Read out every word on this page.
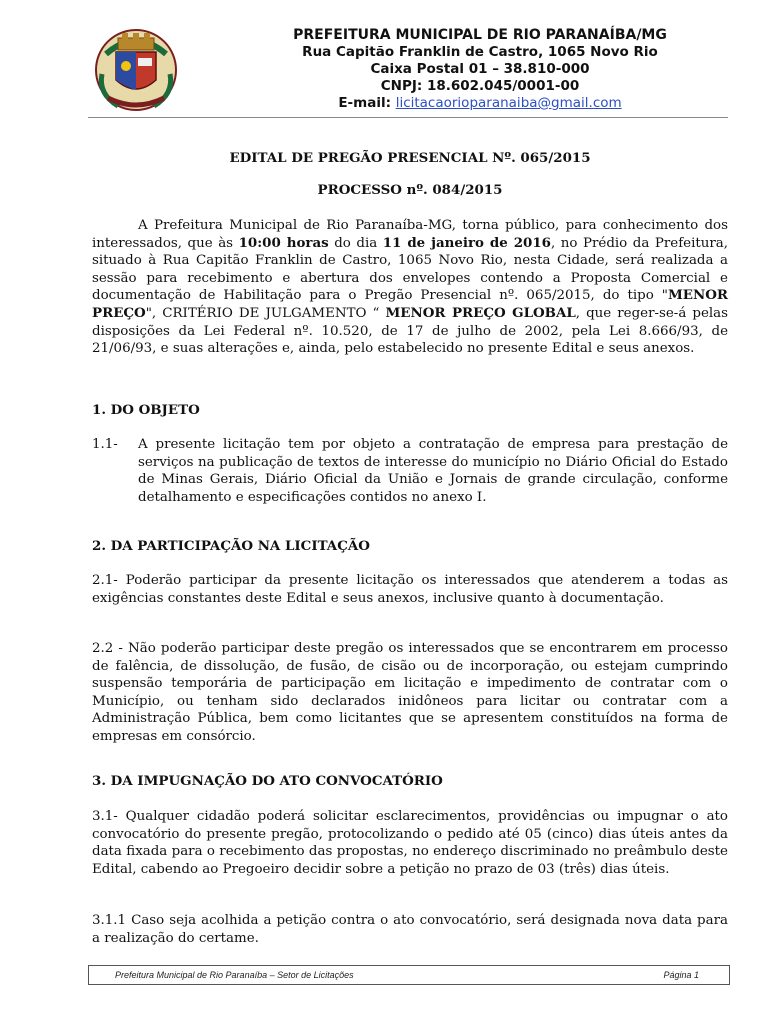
PREFEITURA MUNICIPAL DE RIO PARANAÍBA/MG
Rua Capitão Franklin de Castro, 1065 Novo Rio
Caixa Postal 01 – 38.810-000
CNPJ: 18.602.045/0001-00
E-mail: licitacaorioparanaiba@gmail.com
EDITAL DE PREGÃO PRESENCIAL Nº. 065/2015
PROCESSO nº. 084/2015

A Prefeitura Municipal de Rio Paranaíba-MG, torna público, para conhecimento dos interessados, que às 10:00 horas do dia 11 de janeiro de 2016, no Prédio da Prefeitura, situado à Rua Capitão Franklin de Castro, 1065 Novo Rio, nesta Cidade, será realizada a sessão para recebimento e abertura dos envelopes contendo a Proposta Comercial e documentação de Habilitação para o Pregão Presencial nº. 065/2015, do tipo "MENOR PREÇO", CRITÉRIO DE JULGAMENTO “ MENOR PREÇO GLOBAL, que reger-se-á pelas disposições da Lei Federal nº. 10.520, de 17 de julho de 2002, pela Lei 8.666/93, de 21/06/93, e suas alterações e, ainda, pelo estabelecido no presente Edital e seus anexos.

1. DO OBJETO

1.1- A presente licitação tem por objeto a contratação de empresa para prestação de serviços na publicação de textos de interesse do município no Diário Oficial do Estado de Minas Gerais, Diário Oficial da União e Jornais de grande circulação, conforme detalhamento e especificações contidos no anexo I.

2. DA PARTICIPAÇÃO NA LICITAÇÃO

2.1- Poderão participar da presente licitação os interessados que atenderem a todas as exigências constantes deste Edital e seus anexos, inclusive quanto à documentação.

2.2 - Não poderão participar deste pregão os interessados que se encontrarem em processo de falência, de dissolução, de fusão, de cisão ou de incorporação, ou estejam cumprindo suspensão temporária de participação em licitação e impedimento de contratar com o Município, ou tenham sido declarados inidôneos para licitar ou contratar com a Administração Pública, bem como licitantes que se apresentem constituídos na forma de empresas em consórcio.

3. DA IMPUGNAÇÃO DO ATO CONVOCATÓRIO

3.1- Qualquer cidadão poderá solicitar esclarecimentos, providências ou impugnar o ato convocatório do presente pregão, protocolizando o pedido até 05 (cinco) dias úteis antes da data fixada para o recebimento das propostas, no endereço discriminado no preâmbulo deste Edital, cabendo ao Pregoeiro decidir sobre a petição no prazo de 03 (três) dias úteis.

3.1.1 Caso seja acolhida a petição contra o ato convocatório, será designada nova data para a realização do certame.

Prefeitura Municipal de Rio Paranaíba – Setor de Licitações	Página 1
